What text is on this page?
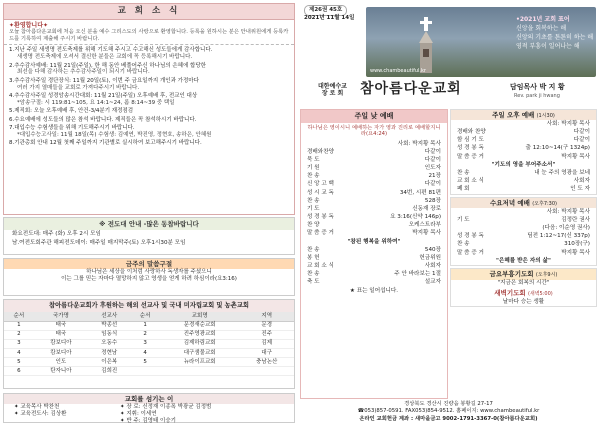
교 회 소 식
✦환영합니다✦

오늘 참아름다운교회에 처음 오신 분을 예수 그리스도의 사랑으로 환영합니다. 등록을 원하시는 분은 안내위원에게 등록카드를 기록하여 제출해 주시기 바랍니다.

1.지난 주일 새생명 전도축제를 위해 기도해 주시고 수고해신 성도들에게 감사합니다.
새생명 전도축제에 오셔서 결신한 분들은 교회에 꼭 등록해시기 바랍니다.
2.추수감사예배: 11월 21일(주일), 한 해 동안 베풀어주신 하나님의 은혜에 합당한
최선을 다해 감사하는 추수감사주일이 되시기 바랍니다.
3.추수감사주일 경단장식: 11월 20일(토), 이번 주 금요일까지 개인과 가정마다
여러 가지 열매들을 교회로 가져다주시기 바랍니다.
4.추수감사주일 성경암송시간대회: 11월 21일(주일) 오후예배 후, 전교인 대상
*암송구절: 시 119:81~105, 요 14:1~24, 롬 8:14~39 중 택일
5.제직회: 오늘 오후예배 후, 안건-3/4분기 재정점검
6.수요예배에 성도들의 많은 참석 바랍니다. 제직들은 꼭 참석하시기 바랍니다.
7.대입수능 수험생들을 위해 기도해주시기 바랍니다.
*대입수능고사일: 11월 18일(목) 수험생: 김예연, 박진영, 정현호, 송하은, 안혜원
8.기관총회 안내 12월 첫째 주일까지 기관별로 실시하여 보고해주시기 바랍니다.
※ 전도대 안내 -많은 동참바랍니다
화요전도대: 매주 (화) 오후 2시 모임
남.여전도회주관 해피전도데이: 매주일 매지막주(토) 오후1시30분 모임
금주의 말씀구절
하나님은 세상을 이처럼 사랑하사 독생자를 주셨으니
이는 그를 믿는 자마다 멸망하지 않고 영생을 얻게 하려 하심이라(요3:16)
참아름다운교회가 후원하는 해외 선교사 및 국내 미자립교회 및 농촌교회
순서	국가명	선교사	순서	교회명	지역
1	태국	박종선	1	문경새순교회	문경
2	태국	임동식	2	진주영광교회	진주
3	캄보디아	오동수	3	김제하림교회	김제
4	캄보디아	정현남	4	대구샘물교회	대구
5	인도	이은복	5	뉴라이프교회	충남논산
6	탄자니아	김희진			
교회를 섬기는 이
✦ 교육목사 박찬천
✦ 교육전도사: 김상환
✦ 장 로: 신정재 이종폭 박광균 김정범
✦ 지휘: 이세연
✦ 반 주: 김영태 이승기
제26권 45호
2021년 11월 14일
www.chambeautiful.kr
•2021년 교회 표어
신앙을 회복하는 해
신앙의 기초를 튼튼히 하는 해
영적 부흥이 일어나는 해
대한예수교
장 로 회 참아름다운교회	담임목사 박 지 황
Rev. park ji hwang
주일 낮 예배
하나님은 영이시니 예배하는 자가 영과 진리로 예배할지니라(요4:24)
사회: 박지황 목사
경배와찬양	다같이
묵 도	다같이
기 원	인도자
찬 송	21장
신 앙 고 백	다같이
성 시 교 독	34번, 시편 81편
찬 송	528장
기 도	신동재 장로
성 경 봉 독	요 3:16(신약 146p)
찬 양	오케스트라부
말 씀 증 거	박지황 목사
"참된 행복을 위하여"
찬 송	540장
봉 헌	헌금위원
교 회 소 식	사회자
찬 송	주 안 바라보는 1절
축 도	설교자
★ 표는 일어섭니다.
주일 오후 예배 (1시30)
사회: 박지황 목사
경배와 찬양	다같이
함 심 기 도	다같이
성 경 봉 독	출 12:10~14(구 1324p)
말 씀 증 거	박지황 목사
"기도의 영을 부어주소서"
찬 송	내 눈 주의 영광을 보네
교 회 소 식	사회자
폐 회	인 도 자
수요저녁 예배 (오후7:30)
사회: 박지황 목사
기 도	김정란 권사
(다음: 이순영 권사)
성 경 봉 독	딤전 1:12~17(신 337p)
찬 송	310장(구)
말 씀 증 거	박지황 목사
"은혜를 받은 자의 삶"
금요부흥기도회 (오후9시)
"지금은 회복의 시간"
새벽기도회 (새벽5:00)
날마다 승는 생활
경상북도 경산시 진량읍 봉황길 27-17
☎053)857-0591. FAX053)854-9512. 홈페이지: www.chambeautiful.kr
온라인 교회헌금 계좌 : 새마을금고 9002-1791-3367-0(참아름다운교회)
